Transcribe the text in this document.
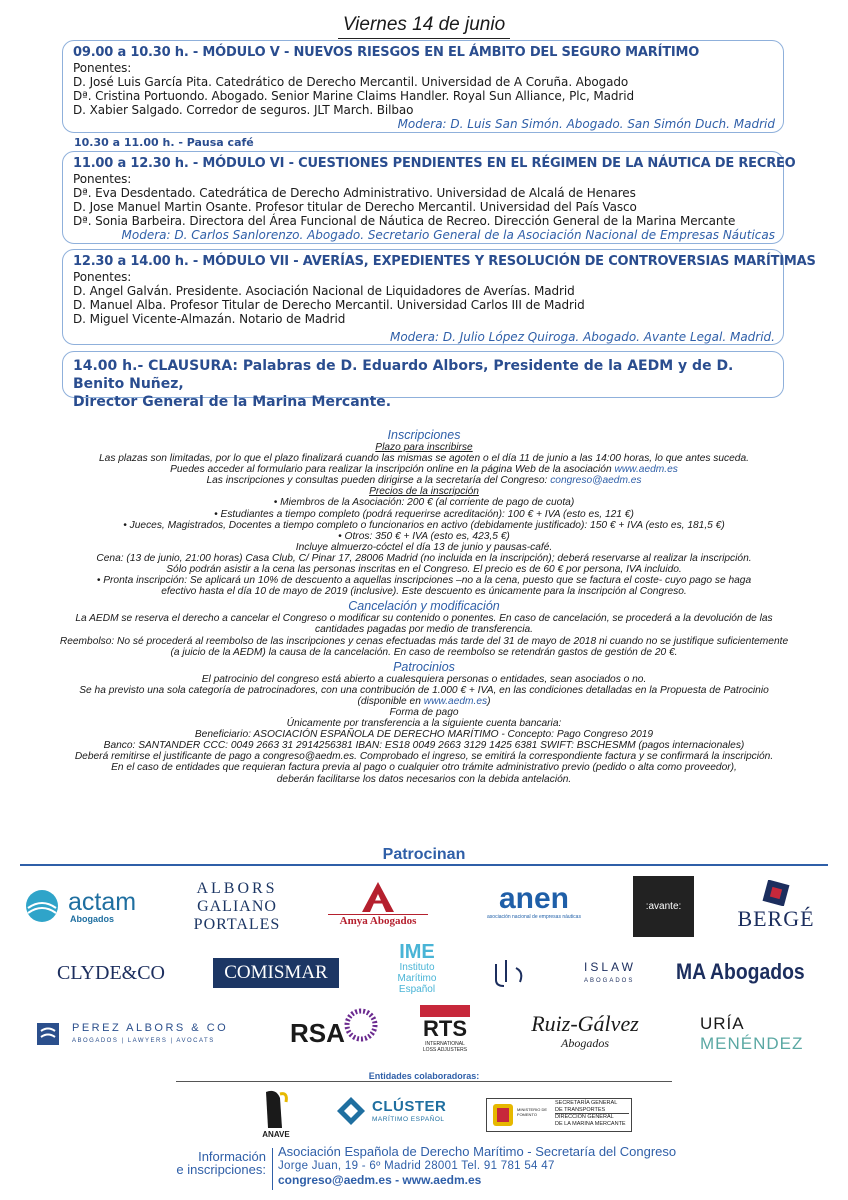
Viernes 14 de junio
09.00 a 10.30 h. - MÓDULO V - NUEVOS RIESGOS EN EL ÁMBITO DEL SEGURO MARÍTIMO
Ponentes:
D. José Luis García Pita. Catedrático de Derecho Mercantil. Universidad de A Coruña. Abogado
Dª. Cristina Portuondo. Abogado. Senior Marine Claims Handler. Royal Sun Alliance, Plc, Madrid
D. Xabier Salgado. Corredor de seguros. JLT March. Bilbao
Modera: D. Luis San Simón. Abogado. San Simón Duch. Madrid
10.30 a 11.00 h. - Pausa café
11.00 a 12.30 h. - MÓDULO VI - CUESTIONES PENDIENTES EN EL RÉGIMEN DE LA NÁUTICA DE RECREO
Ponentes:
Dª. Eva Desdentado. Catedrática de Derecho Administrativo. Universidad de Alcalá de Henares
D. Jose Manuel Martin Osante. Profesor titular de Derecho Mercantil. Universidad del País Vasco
Dª. Sonia Barbeira. Directora del Área Funcional de Náutica de Recreo. Dirección General de la Marina Mercante
Modera: D. Carlos Sanlorenzo. Abogado. Secretario General de la Asociación Nacional de Empresas Náuticas
12.30 a 14.00 h. - MÓDULO VII - AVERÍAS, EXPEDIENTES Y RESOLUCIÓN DE CONTROVERSIAS MARÍTIMAS
Ponentes:
D. Angel Galván. Presidente. Asociación Nacional de Liquidadores de Averías. Madrid
D. Manuel Alba. Profesor Titular de Derecho Mercantil. Universidad Carlos III de Madrid
D. Miguel Vicente-Almazán. Notario de Madrid
Modera: D. Julio López Quiroga. Abogado. Avante Legal. Madrid.
14.00 h.- CLAUSURA: Palabras de D. Eduardo Albors, Presidente de la AEDM y de D. Benito Nuñez,
Director General de la Marina Mercante.
Inscripciones
Plazo para inscribirse
Las plazas son limitadas, por lo que el plazo finalizará cuando las mismas se agoten o el día 11 de junio a las 14:00 horas, lo que antes suceda.
Puedes acceder al formulario para realizar la inscripción online en la página Web de la asociación www.aedm.es
Las inscripciones y consultas pueden dirigirse a la secretaría del Congreso: congreso@aedm.es
Precios de la inscripción
• Miembros de la Asociación: 200 € (al corriente de pago de cuota)
• Estudiantes a tiempo completo (podrá requerirse acreditación): 100 € + IVA (esto es, 121 €)
• Jueces, Magistrados, Docentes a tiempo completo o funcionarios en activo (debidamente justificado): 150 € + IVA (esto es, 181,5 €)
• Otros: 350 € + IVA (esto es, 423,5 €)
Incluye almuerzo-cóctel el día 13 de junio y pausas-café.
Cena: (13 de junio, 21:00 horas) Casa Club, C/ Pinar 17, 28006 Madrid (no incluida en la inscripción); deberá reservarse al realizar la inscripción.
Sólo podrán asistir a la cena las personas inscritas en el Congreso. El precio es de 60 € por persona, IVA incluido.
• Pronta inscripción: Se aplicará un 10% de descuento a aquellas inscripciones –no a la cena, puesto que se factura el coste- cuyo pago se haga
efectivo hasta el día 10 de mayo de 2019 (inclusive). Este descuento es únicamente para la inscripción al Congreso.
Cancelación y modificación
La AEDM se reserva el derecho a cancelar el Congreso o modificar su contenido o ponentes. En caso de cancelación, se procederá a la devolución de las
cantidades pagadas por medio de transferencia.
Reembolso: No sé procederá al reembolso de las inscripciones y cenas efectuadas más tarde del 31 de mayo de 2018 ni cuando no se justifique suficientemente
(a juicio de la AEDM) la causa de la cancelación. En caso de reembolso se retendrán gastos de gestión de 20 €.
Patrocinios
El patrocinio del congreso está abierto a cualesquiera personas o entidades, sean asociados o no.
Se ha previsto una sola categoría de patrocinadores, con una contribución de 1.000 € + IVA, en las condiciones detalladas en la Propuesta de Patrocinio
(disponible en www.aedm.es)
Forma de pago
Únicamente por transferencia a la siguiente cuenta bancaria:
Beneficiario: ASOCIACIÓN ESPAÑOLA DE DERECHO MARÍTIMO - Concepto: Pago Congreso 2019
Banco: SANTANDER CCC: 0049 2663 31 2914256381 IBAN: ES18 0049 2663 3129 1425 6381 SWIFT: BSCHESMM (pagos internacionales)
Deberá remitirse el justificante de pago a congreso@aedm.es. Comprobado el ingreso, se emitirá la correspondiente factura y se confirmará la inscripción.
En el caso de entidades que requieran factura previa al pago o cualquier otro trámite administrativo previo (pedido o alta como proveedor),
deberán facilitarse los datos necesarios con la debida antelación.
Patrocinan
actam
Abogados
ALBORS
GALIANO
PORTALES	Amya Abogados
anen
asociación nacional de empresas náuticas
:avante:	BERGÉ
CLYDE&CO	COMISMAR
IME
Instituto
Marítimo
Español
ISLAW
ABOGADOS MA Abogados
PEREZ ALBORS & CO
ABOGADOS | LAWYERS | AVOCATS	RSA	RTS
INTERNATIONAL
LOSS ADJUSTERS
Ruiz-Gálvez
Abogados
URÍA
MENÉNDEZ
Entidades colaboradoras:
ANAVE
CLÚSTER
MARÍTIMO ESPAÑOL
MINISTERIO DE FOMENTO
SECRETARÍA GENERAL
DE TRANSPORTES
DIRECCIÓN GENERAL
DE LA MARINA MERCANTE
Información
e inscripciones:
Asociación Española de Derecho Marítimo - Secretaría del Congreso
Jorge Juan, 19 - 6º Madrid 28001 Tel. 91 781 54 47
congreso@aedm.es - www.aedm.es
